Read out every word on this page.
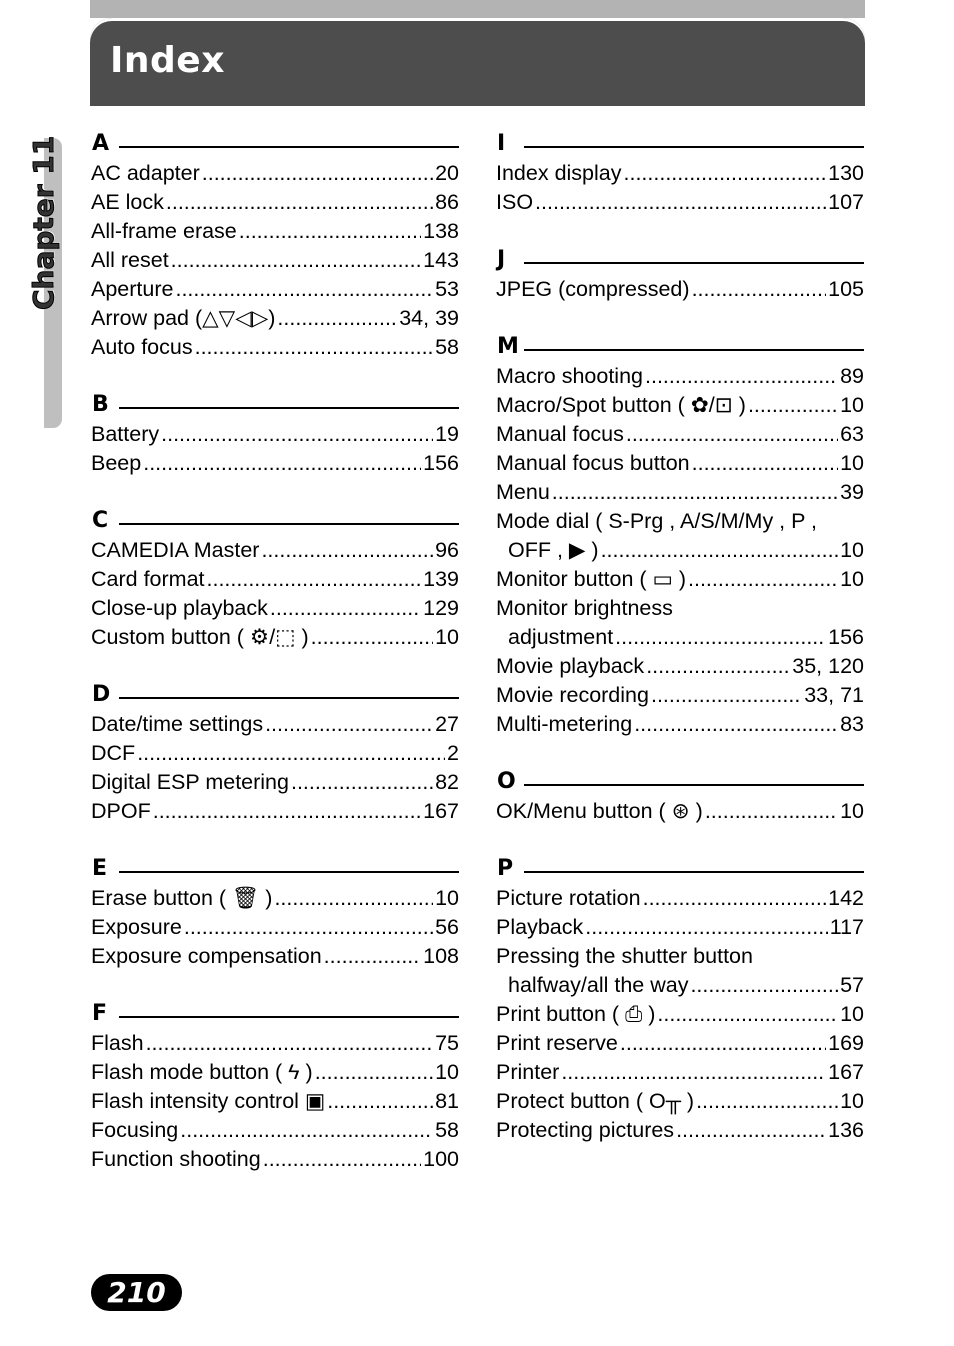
Index
Chapter 11 A
AC adapter .....	20
AE lock .....	86
All-frame erase .....	138
All reset .....	143
Aperture .....	53
Arrow pad (△▽◁▷) .....	34, 39
Auto focus .....	58
B
Battery .....	19
Beep .....	156
C
CAMEDIA Master .....	96
Card format .....	139
Close-up playback .....	129
Custom button ( ⚙/⬚ ) .....	10
D
Date/time settings .....	27
DCF .....	2
Digital ESP metering .....	82
DPOF .....	167
E
Erase button ( 🗑 ) .....	10
Exposure .....	56
Exposure compensation .....	108
F
Flash .....	75
Flash mode button ( ϟ ) .....	10
Flash intensity control ▣ .....	81
Focusing .....	58
Function shooting .....	100
I
Index display .....	130
ISO .....	107
J
JPEG (compressed) .....	105
M
Macro shooting .....	89
Macro/Spot button ( ✿/⊡ ) .....	10
Manual focus .....	63
Manual focus button .....	10
Menu .....	39
Mode dial ( S-Prg , A/S/M/My , P ,
OFF , ▶ ) .....	10
Monitor button ( ▭ ) .....	10
Monitor brightness
adjustment .....	156
Movie playback .....	35, 120
Movie recording .....	33, 71
Multi-metering .....	83
O
OK/Menu button ( ⊛ ) .....	10
P
Picture rotation .....	142
Playback .....	117
Pressing the shutter button
halfway/all the way .....	57
Print button ( ⎙ ) .....	10
Print reserve .....	169
Printer .....	167
Protect button ( O╥ ) .....	10
Protecting pictures .....	136
210
